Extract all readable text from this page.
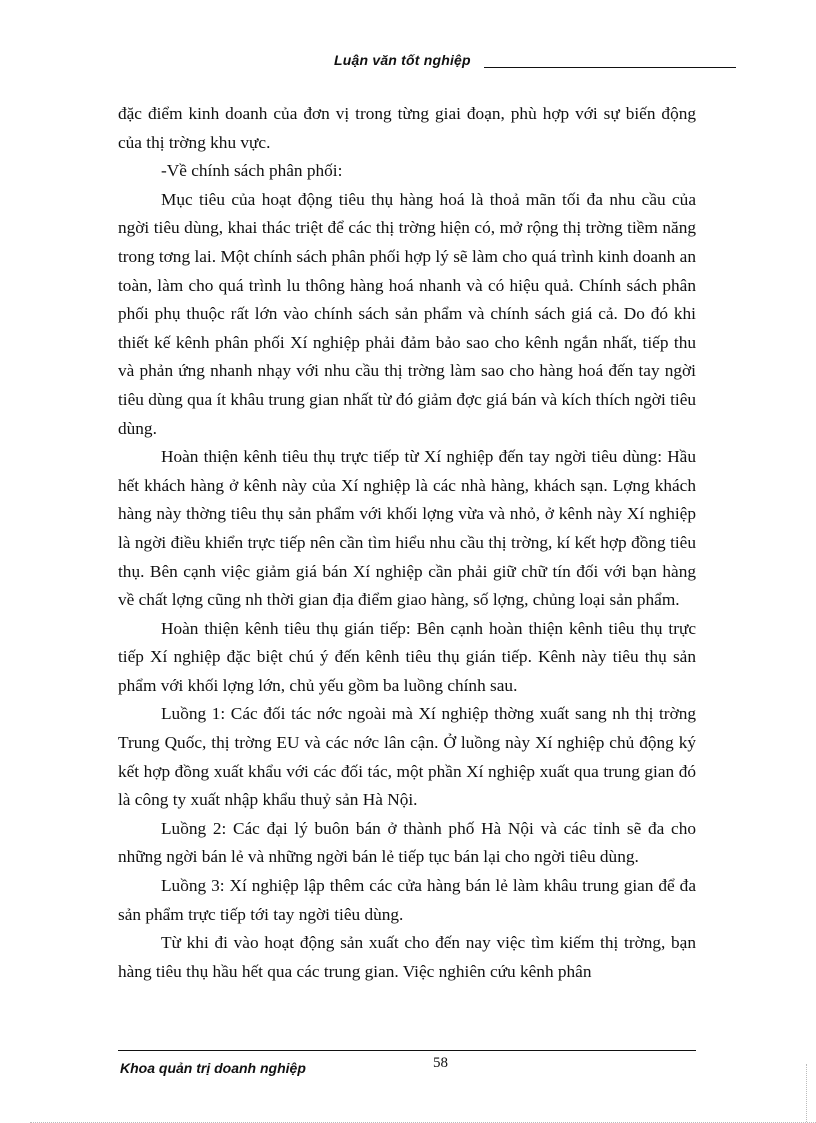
Luận văn tốt nghiệp

đặc điểm kinh doanh của đơn vị trong từng giai đoạn, phù hợp với sự biến động của thị trờng khu vực.

-Về chính sách phân phối:

Mục tiêu của hoạt động tiêu thụ hàng hoá là thoả mãn tối đa nhu cầu của ngời tiêu dùng, khai thác triệt để các thị trờng hiện có, mở rộng thị trờng tiềm năng trong tơng lai. Một chính sách phân phối hợp lý sẽ làm cho quá trình kinh doanh an toàn, làm cho quá trình lu thông hàng hoá nhanh và có hiệu quả. Chính sách phân phối phụ thuộc rất lớn vào chính sách sản phẩm và chính sách giá cả. Do đó khi thiết kế kênh phân phối Xí nghiệp phải đảm bảo sao cho kênh ngắn nhất, tiếp thu và phản ứng nhanh nhạy với nhu cầu thị trờng làm sao cho hàng hoá đến tay ngời tiêu dùng qua ít khâu trung gian nhất từ đó giảm đợc giá bán và kích thích ngời tiêu dùng.

Hoàn thiện kênh tiêu thụ trực tiếp từ Xí nghiệp đến tay ngời tiêu dùng: Hầu hết khách hàng ở kênh này của Xí nghiệp là các nhà hàng, khách sạn. Lợng khách hàng này thờng tiêu thụ sản phẩm với khối lợng vừa và nhỏ, ở kênh này Xí nghiệp là ngời điều khiển trực tiếp nên cần tìm hiểu nhu cầu thị trờng, kí kết hợp đồng tiêu thụ. Bên cạnh việc giảm giá bán Xí nghiệp cần phải giữ chữ tín đối với bạn hàng về chất lợng cũng nh thời gian địa điểm giao hàng, số lợng, chủng loại sản phẩm.

Hoàn thiện kênh tiêu thụ gián tiếp: Bên cạnh hoàn thiện kênh tiêu thụ trực tiếp Xí nghiệp đặc biệt chú ý đến kênh tiêu thụ gián tiếp. Kênh này tiêu thụ sản phẩm với khối lợng lớn, chủ yếu gồm ba luồng chính sau.

Luồng 1: Các đối tác nớc ngoài mà Xí nghiệp thờng xuất sang nh thị trờng Trung Quốc, thị trờng EU và các nớc lân cận. Ở luồng này Xí nghiệp chủ động ký kết hợp đồng xuất khẩu với các đối tác, một phần Xí nghiệp xuất qua trung gian đó là công ty xuất nhập khẩu thuỷ sản Hà Nội.

Luồng 2: Các đại lý buôn bán ở thành phố Hà Nội và các tỉnh sẽ đa cho những ngời bán lẻ và những ngời bán lẻ tiếp tục bán lại cho ngời tiêu dùng.

Luồng 3: Xí nghiệp lập thêm các cửa hàng bán lẻ làm khâu trung gian để đa sản phẩm trực tiếp tới tay ngời tiêu dùng.

Từ khi đi vào hoạt động sản xuất cho đến nay việc tìm kiếm thị trờng, bạn hàng tiêu thụ hầu hết qua các trung gian. Việc nghiên cứu kênh phân

Khoa quản trị doanh nghiệp	58
